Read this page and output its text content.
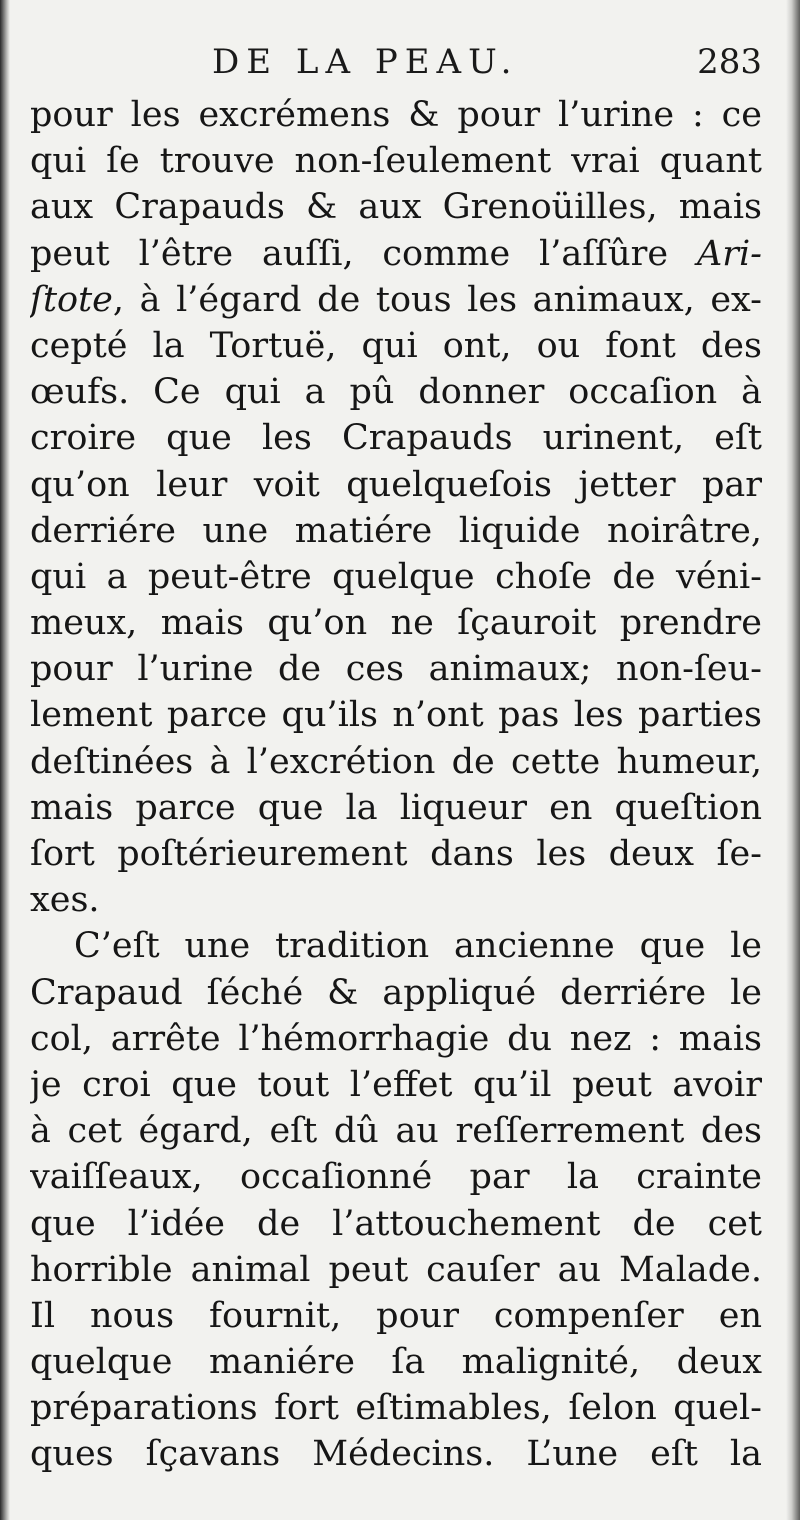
DE LA PEAU.	283
pour les excrémens & pour l’urine : ce
qui ſe trouve non-ſeulement vrai quant
aux Crapauds & aux Grenoüilles, mais
peut l’être auſſi, comme l’aſſûre Ari-
ſtote, à l’égard de tous les animaux, ex-
cepté la Tortuë, qui ont, ou font des
œufs. Ce qui a pû donner occaſion à
croire que les Crapauds urinent, eſt
qu’on leur voit quelqueſois jetter par
derriére une matiére liquide noirâtre,
qui a peut-être quelque choſe de véni-
meux, mais qu’on ne ſçauroit prendre
pour l’urine de ces animaux; non-ſeu-
lement parce qu’ils n’ont pas les parties
deſtinées à l’excrétion de cette humeur,
mais parce que la liqueur en queſtion
ſort poſtérieurement dans les deux ſe-
xes.
C’eſt une tradition ancienne que le
Crapaud ſéché & appliqué derriére le
col, arrête l’hémorrhagie du nez : mais
je croi que tout l’effet qu’il peut avoir
à cet égard, eſt dû au reſſerrement des
vaiſſeaux, occaſionné par la crainte
que l’idée de l’attouchement de cet
horrible animal peut cauſer au Malade.
Il nous fournit, pour compenſer en
quelque maniére ſa malignité, deux
préparations fort eſtimables, ſelon quel-
ques ſçavans Médecins. L’une eſt la
